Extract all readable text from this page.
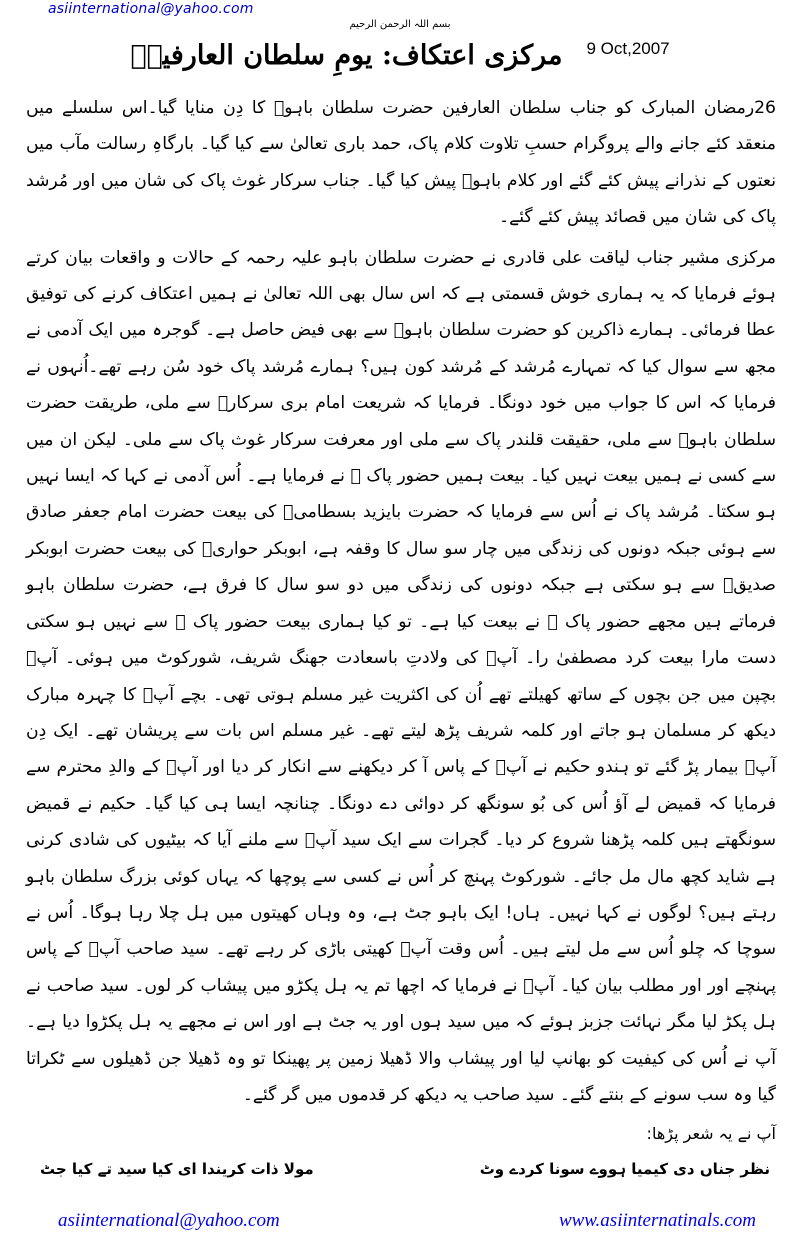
asiinternational@yahoo.com
بسم اللہ الرحمن الرحیم
مرکزی اعتکاف: یومِ سلطان العارفینؒ 9 Oct,2007

26رمضان المبارک کو جناب سلطان العارفین حضرت سلطان باہوؒ کا دِن منایا گیا۔اس سلسلے میں منعقد کئے جانے والے پروگرام حسبِ تلاوت کلام پاک، حمد باری تعالیٰ سے کیا گیا۔ بارگاہِ رسالت مآب میں نعتوں کے نذرانے پیش کئے گئے اور کلام باہوؒ پیش کیا گیا۔ جناب سرکار غوث پاک کی شان میں اور مُرشد پاک کی شان میں قصائد پیش کئے گئے۔

مرکزی مشیر جناب لیاقت علی قادری نے حضرت سلطان باہو علیہ رحمہ کے حالات و واقعات بیان کرتے ہوئے فرمایا کہ یہ ہماری خوش قسمتی ہے کہ اس سال بھی اللہ تعالیٰ نے ہمیں اعتکاف کرنے کی توفیق عطا فرمائی۔ ہمارے ذاکرین کو حضرت سلطان باہوؒ سے بھی فیض حاصل ہے۔ گوجرہ میں ایک آدمی نے مجھ سے سوال کیا کہ تمہارے مُرشد کے مُرشد کون ہیں؟ ہمارے مُرشد پاک خود سُن رہے تھے۔اُنہوں نے فرمایا کہ اس کا جواب میں خود دونگا۔ فرمایا کہ شریعت امام بری سرکارؒ سے ملی، طریقت حضرت سلطان باہوؒ سے ملی، حقیقت قلندر پاک سے ملی اور معرفت سرکار غوث پاک سے ملی۔ لیکن ان میں سے کسی نے ہمیں بیعت نہیں کیا۔ بیعت ہمیں حضور پاک ﷺ نے فرمایا ہے۔ اُس آدمی نے کہا کہ ایسا نہیں ہو سکتا۔ مُرشد پاک نے اُس سے فرمایا کہ حضرت بایزید بسطامیؒ کی بیعت حضرت امام جعفر صادق سے ہوئی جبکہ دونوں کی زندگی میں چار سو سال کا وقفہ ہے، ابوبکر حواریؒ کی بیعت حضرت ابوبکر صدیقؓ سے ہو سکتی ہے جبکہ دونوں کی زندگی میں دو سو سال کا فرق ہے، حضرت سلطان باہو فرماتے ہیں مجھے حضور پاک ﷺ نے بیعت کیا ہے۔ تو کیا ہماری بیعت حضور پاک ﷺ سے نہیں ہو سکتی دست مارا بیعت کرد مصطفیٰ را۔ آپؒ کی ولادتِ باسعادت جھنگ شریف، شورکوٹ میں ہوئی۔ آپؒ بچپن میں جن بچوں کے ساتھ کھیلتے تھے اُن کی اکثریت غیر مسلم ہوتی تھی۔ بچے آپؒ کا چہرہ مبارک دیکھ کر مسلمان ہو جاتے اور کلمہ شریف پڑھ لیتے تھے۔ غیر مسلم اس بات سے پریشان تھے۔ ایک دِن آپؒ بیمار پڑ گئے تو ہندو حکیم نے آپؒ کے پاس آ کر دیکھنے سے انکار کر دیا اور آپؒ کے والدِ محترم سے فرمایا کہ قمیض لے آؤ اُس کی بُو سونگھ کر دوائی دے دونگا۔ چنانچہ ایسا ہی کیا گیا۔ حکیم نے قمیض سونگھتے ہیں کلمہ پڑھنا شروع کر دیا۔ گجرات سے ایک سید آپؒ سے ملنے آیا کہ بیٹیوں کی شادی کرنی ہے شاید کچھ مال مل جائے۔ شورکوٹ پہنچ کر اُس نے کسی سے پوچھا کہ یہاں کوئی بزرگ سلطان باہو رہتے ہیں؟ لوگوں نے کہا نہیں۔ ہاں! ایک باہو جٹ ہے، وہ وہاں کھیتوں میں ہل چلا رہا ہوگا۔ اُس نے سوچا کہ چلو اُس سے مل لیتے ہیں۔ اُس وقت آپؒ کھیتی باڑی کر رہے تھے۔ سید صاحب آپؒ کے پاس پہنچے اور اور مطلب بیان کیا۔ آپؒ نے فرمایا کہ اچھا تم یہ ہل پکڑو میں پیشاب کر لوں۔ سید صاحب نے ہل پکڑ لیا مگر نہائت جزبز ہوئے کہ میں سید ہوں اور یہ جٹ ہے اور اس نے مجھے یہ ہل پکڑوا دیا ہے۔ آپ نے اُس کی کیفیت کو بھانپ لیا اور پیشاب والا ڈھیلا زمین پر پھینکا تو وہ ڈھیلا جن ڈھیلوں سے ٹکراتا گیا وہ سب سونے کے بنتے گئے۔ سید صاحب یہ دیکھ کر قدموں میں گر گئے۔

آپ نے یہ شعر پڑھا:
نظر جناں دی کیمیا ہووے سونا کردے وٹ
مولا ذات کریندا ای کیا سید تے کیا جٹ
asiinternational@yahoo.com	www.asiinternatinals.com
